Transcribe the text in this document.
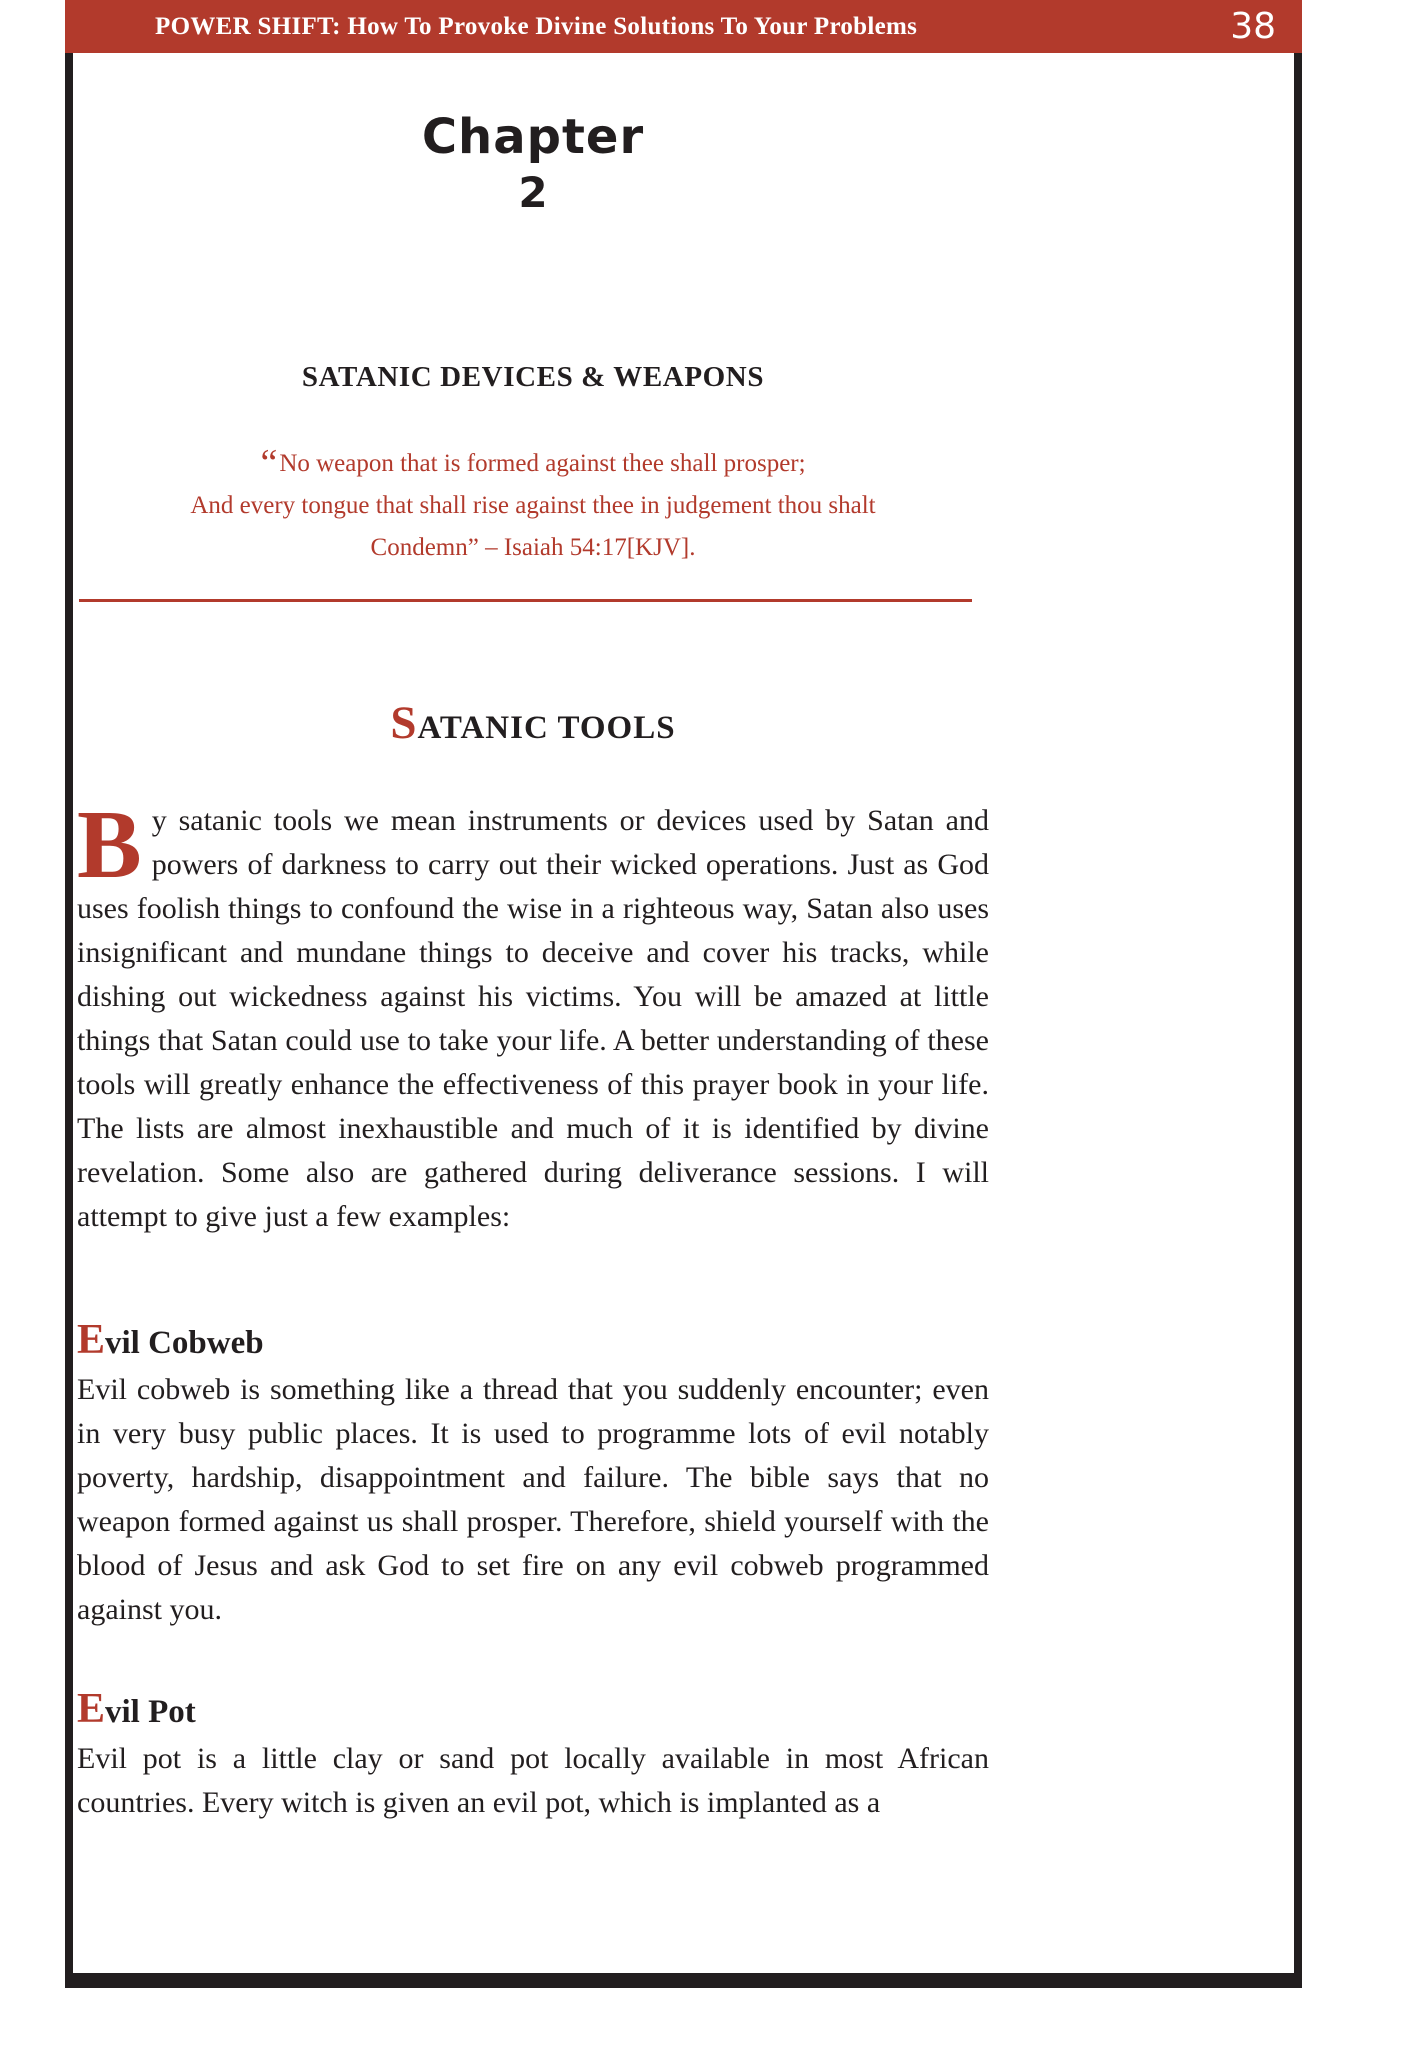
POWER SHIFT: How To Provoke Divine Solutions To Your Problems	38
Chapter
2
SATANIC DEVICES & WEAPONS
“No weapon that is formed against thee shall prosper;
And every tongue that shall rise against thee in judgement thou shalt
Condemn” – Isaiah 54:17[KJV].
SATANIC TOOLS
By satanic tools we mean instruments or devices used by Satan and powers of darkness to carry out their wicked operations. Just as God uses foolish things to confound the wise in a righteous way, Satan also uses insignificant and mundane things to deceive and cover his tracks, while dishing out wickedness against his victims. You will be amazed at little things that Satan could use to take your life. A better understanding of these tools will greatly enhance the effectiveness of this prayer book in your life. The lists are almost inexhaustible and much of it is identified by divine revelation. Some also are gathered during deliverance sessions. I will attempt to give just a few examples:
Evil Cobweb
Evil cobweb is something like a thread that you suddenly encounter; even in very busy public places. It is used to programme lots of evil notably poverty, hardship, disappointment and failure. The bible says that no weapon formed against us shall prosper. Therefore, shield yourself with the blood of Jesus and ask God to set fire on any evil cobweb programmed against you.
Evil Pot
Evil pot is a little clay or sand pot locally available in most African countries. Every witch is given an evil pot, which is implanted as a
